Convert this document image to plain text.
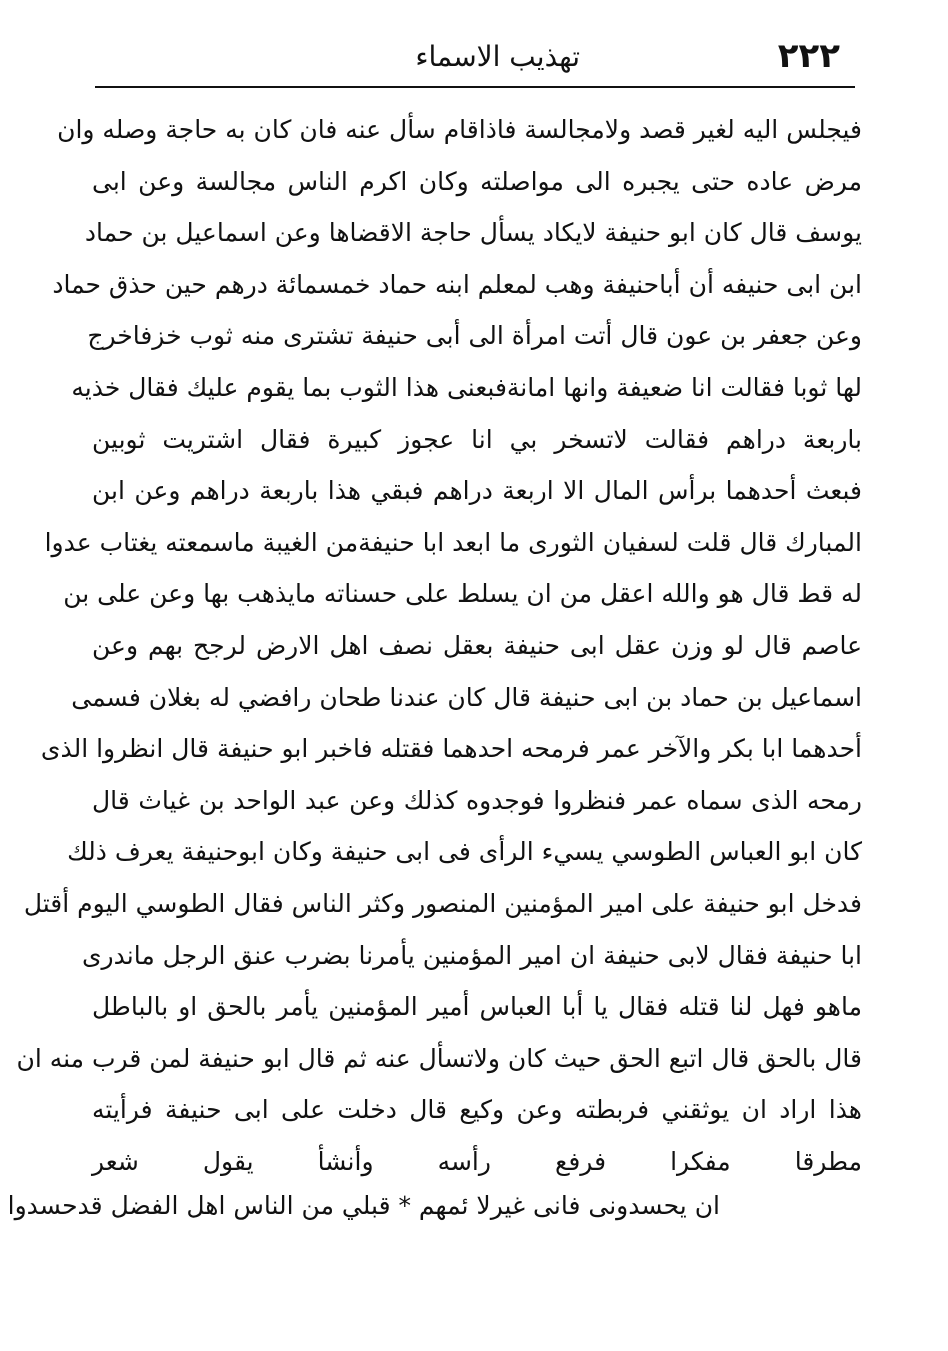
٢٢٢
تهذيب الاسماء
فيجلس اليه لغير قصد ولامجالسة فاذاقام سأل عنه فان كان به حاجة وصله وان
مرض عاده حتى يجبره الى مواصلته وكان اكرم الناس مجالسة وعن ابى
يوسف قال كان ابو حنيفة لايكاد يسأل حاجة الاقضاها وعن اسماعيل بن حماد
ابن ابى حنيفه أن أباحنيفة وهب لمعلم ابنه حماد خمسمائة درهم حين حذق حماد
وعن جعفر بن عون قال أتت امرأة الى أبى حنيفة تشترى منه ثوب خزفاخرج
لها ثوبا فقالت انا ضعيفة وانها امانةفبعنى هذا الثوب بما يقوم عليك فقال خذيه
باربعة دراهم فقالت لاتسخر بي انا عجوز كبيرة فقال اشتريت ثوبين
فبعث أحدهما برأس المال الا اربعة دراهم فبقي هذا باربعة دراهم وعن ابن
المبارك قال قلت لسفيان الثورى ما ابعد ابا حنيفةمن الغيبة ماسمعته يغتاب عدوا
له قط قال هو والله اعقل من ان يسلط على حسناته مايذهب بها وعن على بن
عاصم قال لو وزن عقل ابى حنيفة بعقل نصف اهل الارض لرجح بهم وعن
اسماعيل بن حماد بن ابى حنيفة قال كان عندنا طحان رافضي له بغلان فسمى
أحدهما ابا بكر والآخر عمر فرمحه احدهما فقتله فاخبر ابو حنيفة قال انظروا الذى
رمحه الذى سماه عمر فنظروا فوجدوه كذلك وعن عبد الواحد بن غياث قال
كان ابو العباس الطوسي يسيء الرأى فى ابى حنيفة وكان ابوحنيفة يعرف ذلك
فدخل ابو حنيفة على امير المؤمنين المنصور وكثر الناس فقال الطوسي اليوم أقتل
ابا حنيفة فقال لابى حنيفة ان امير المؤمنين يأمرنا بضرب عنق الرجل ماندرى
ماهو فهل لنا قتله فقال يا أبا العباس أمير المؤمنين يأمر بالحق او بالباطل
قال بالحق قال اتبع الحق حيث كان ولاتسأل عنه ثم قال ابو حنيفة لمن قرب منه ان
هذا اراد ان يوثقني فربطته وعن وكيع قال دخلت على ابى حنيفة فرأيته
مطرقا مفكرا فرفع رأسه وأنشأ يقول شعر
ان يحسدونى فانى غيرلا ئمهم * قبلي من الناس اهل الفضل قدحسدوا
